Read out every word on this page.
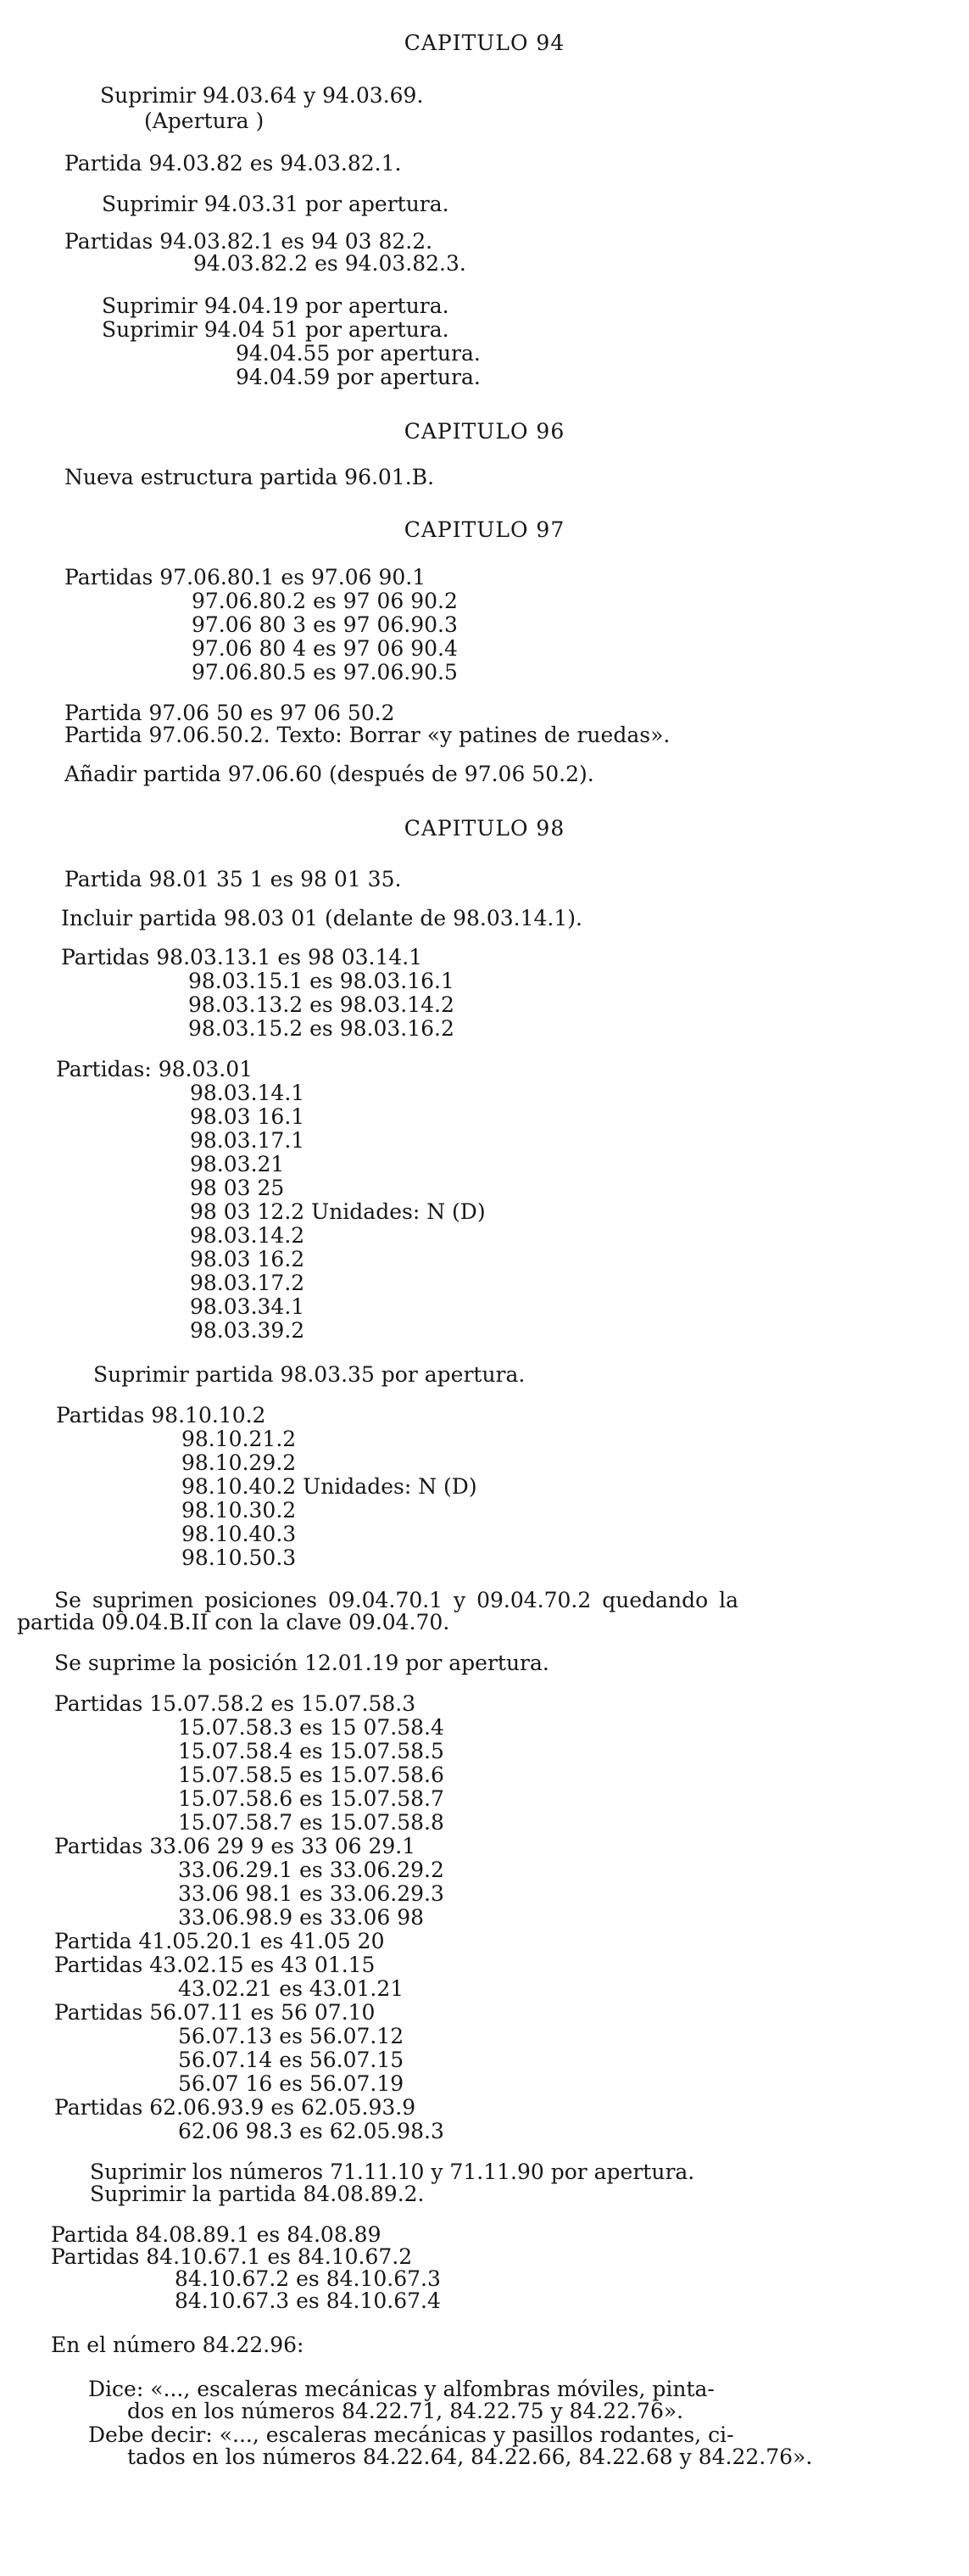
CAPITULO 94
Suprimir 94.03.64 y 94.03.69.
(Apertura )
Partida 94.03.82 es 94.03.82.1.
Suprimir 94.03.31 por apertura.
Partidas 94.03.82.1 es 94 03 82.2.
94.03.82.2 es 94.03.82.3.
Suprimir 94.04.19 por apertura.
Suprimir 94.04 51 por apertura.
94.04.55 por apertura.
94.04.59 por apertura.
CAPITULO 96
Nueva estructura partida 96.01.B.
CAPITULO 97
Partidas 97.06.80.1 es 97.06 90.1
97.06.80.2 es 97 06 90.2
97.06 80 3 es 97 06.90.3
97.06 80 4 es 97 06 90.4
97.06.80.5 es 97.06.90.5
Partida 97.06 50 es 97 06 50.2
Partida 97.06.50.2. Texto: Borrar «y patines de ruedas».
Añadir partida 97.06.60 (después de 97.06 50.2).
CAPITULO 98
Partida 98.01 35 1 es 98 01 35.
Incluir partida 98.03 01 (delante de 98.03.14.1).
Partidas 98.03.13.1 es 98 03.14.1
98.03.15.1 es 98.03.16.1
98.03.13.2 es 98.03.14.2
98.03.15.2 es 98.03.16.2
Partidas: 98.03.01
98.03.14.1
98.03 16.1
98.03.17.1
98.03.21
98 03 25
98 03 12.2 Unidades: N (D)
98.03.14.2
98.03 16.2
98.03.17.2
98.03.34.1
98.03.39.2
Suprimir partida 98.03.35 por apertura.
Partidas 98.10.10.2
98.10.21.2
98.10.29.2
98.10.40.2 Unidades: N (D)
98.10.30.2
98.10.40.3
98.10.50.3
Se suprimen posiciones 09.04.70.1 y 09.04.70.2 quedando la
partida 09.04.B.II con la clave 09.04.70.
Se suprime la posición 12.01.19 por apertura.
Partidas 15.07.58.2 es 15.07.58.3
15.07.58.3 es 15 07.58.4
15.07.58.4 es 15.07.58.5
15.07.58.5 es 15.07.58.6
15.07.58.6 es 15.07.58.7
15.07.58.7 es 15.07.58.8
Partidas 33.06 29 9 es 33 06 29.1
33.06.29.1 es 33.06.29.2
33.06 98.1 es 33.06.29.3
33.06.98.9 es 33.06 98
Partida 41.05.20.1 es 41.05 20
Partidas 43.02.15 es 43 01.15
43.02.21 es 43.01.21
Partidas 56.07.11 es 56 07.10
56.07.13 es 56.07.12
56.07.14 es 56.07.15
56.07 16 es 56.07.19
Partidas 62.06.93.9 es 62.05.93.9
62.06 98.3 es 62.05.98.3
Suprimir los números 71.11.10 y 71.11.90 por apertura.
Suprimir la partida 84.08.89.2.
Partida 84.08.89.1 es 84.08.89
Partidas 84.10.67.1 es 84.10.67.2
84.10.67.2 es 84.10.67.3
84.10.67.3 es 84.10.67.4
En el número 84.22.96:
Dice: «..., escaleras mecánicas y alfombras móviles, pinta-
dos en los números 84.22.71, 84.22.75 y 84.22.76».
Debe decir: «..., escaleras mecánicas y pasillos rodantes, ci-
tados en los números 84.22.64, 84.22.66, 84.22.68 y 84.22.76».
